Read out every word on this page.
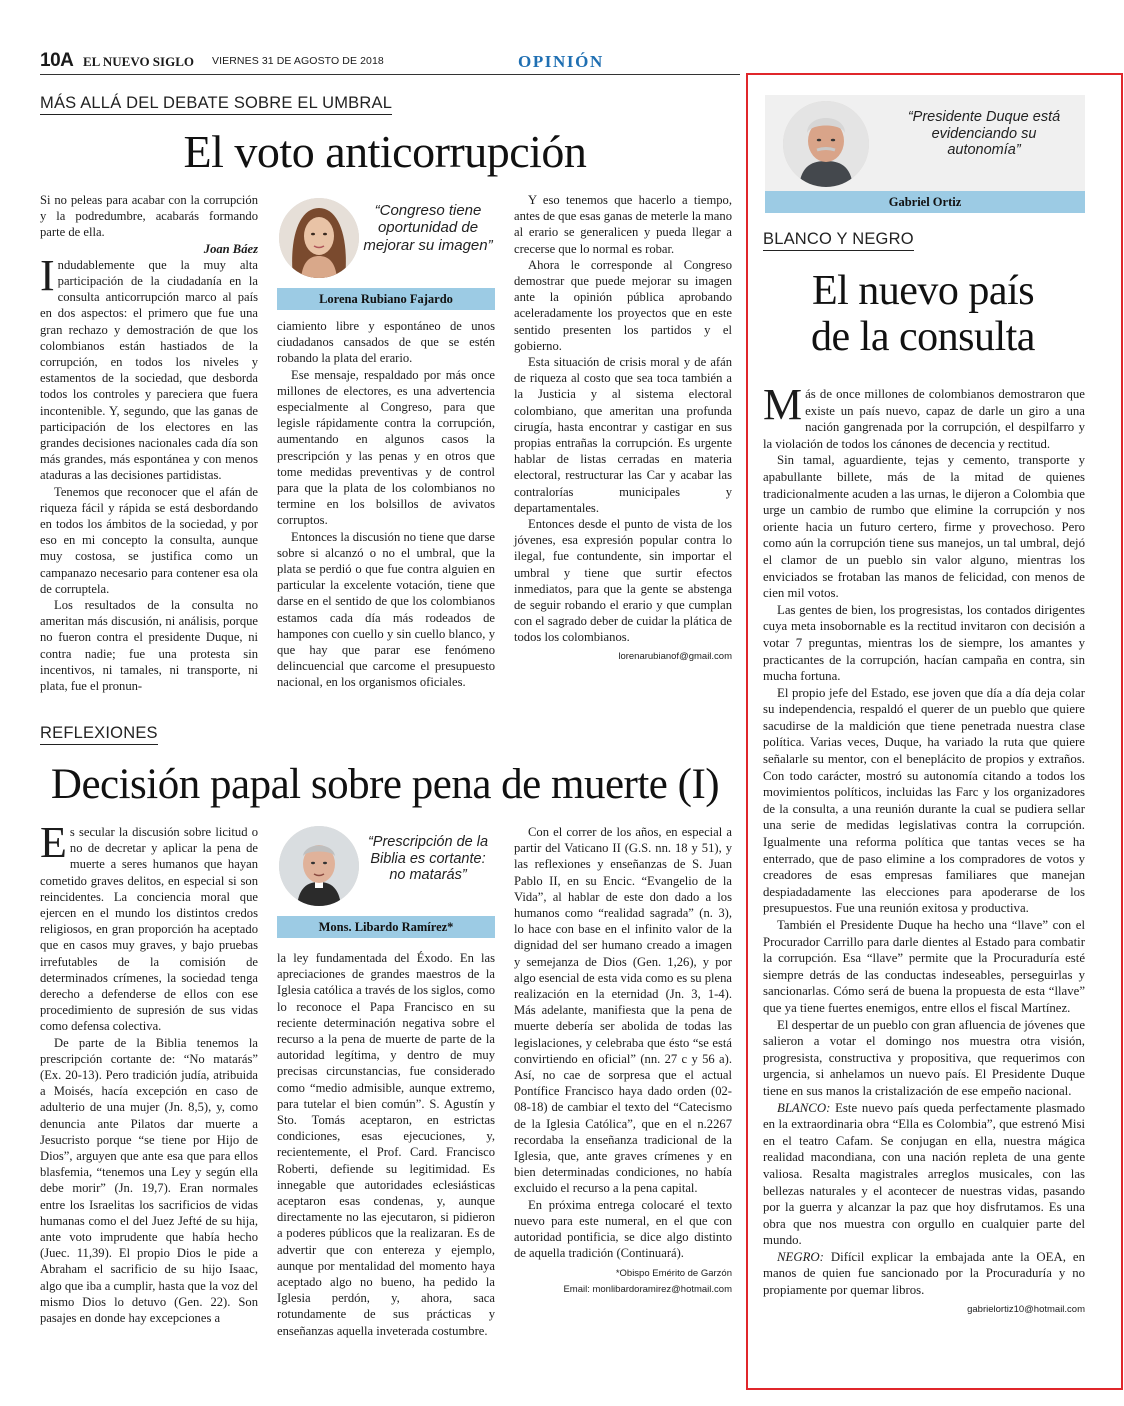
10A EL NUEVO SIGLO VIERNES 31 DE AGOSTO DE 2018	OPINIÓN
MÁS ALLÁ DEL DEBATE SOBRE EL UMBRAL
El voto anticorrupción

Si no peleas para acabar con la corrupción y la podredumbre, acabarás formando parte de ella.

Joan Báez

Indudablemente que la muy alta participación de la ciudadanía en la consulta anticorrupción marco al país en dos aspectos: el primero que fue una gran rechazo y demostración de que los colombianos están hastiados de la corrupción, en todos los niveles y estamentos de la sociedad, que desborda todos los controles y pareciera que fuera incontenible. Y, segundo, que las ganas de participación de los electores en las grandes decisiones nacionales cada día son más grandes, más espontánea y con menos ataduras a las decisiones partidistas.

Tenemos que reconocer que el afán de riqueza fácil y rápida se está desbordando en todos los ámbitos de la sociedad, y por eso en mi concepto la consulta, aunque muy costosa, se justifica como un campanazo necesario para contener esa ola de corruptela.

Los resultados de la consulta no ameritan más discusión, ni análisis, porque no fueron contra el presidente Duque, ni contra nadie; fue una protesta sin incentivos, ni tamales, ni transporte, ni plata, fue el pronun-

“Congreso tiene oportunidad de mejorar su imagen”
Lorena Rubiano Fajardo

ciamiento libre y espontáneo de unos ciudadanos cansados de que se estén robando la plata del erario.

Ese mensaje, respaldado por más once millones de electores, es una advertencia especialmente al Congreso, para que legisle rápidamente contra la corrupción, aumentando en algunos casos la prescripción y las penas y en otros que tome medidas preventivas y de control para que la plata de los colombianos no termine en los bolsillos de avivatos corruptos.

Entonces la discusión no tiene que darse sobre si alcanzó o no el umbral, que la plata se perdió o que fue contra alguien en particular la excelente votación, tiene que darse en el sentido de que los colombianos estamos cada día más rodeados de hampones con cuello y sin cuello blanco, y que hay que parar ese fenómeno delincuencial que carcome el presupuesto nacional, en los organismos oficiales.

Y eso tenemos que hacerlo a tiempo, antes de que esas ganas de meterle la mano al erario se generalicen y pueda llegar a crecerse que lo normal es robar.

Ahora le corresponde al Congreso demostrar que puede mejorar su imagen ante la opinión pública aprobando aceleradamente los proyectos que en este sentido presenten los partidos y el gobierno.

Esta situación de crisis moral y de afán de riqueza al costo que sea toca también a la Justicia y al sistema electoral colombiano, que ameritan una profunda cirugía, hasta encontrar y castigar en sus propias entrañas la corrupción. Es urgente hablar de listas cerradas en materia electoral, restructurar las Car y acabar las contralorías municipales y departamentales.

Entonces desde el punto de vista de los jóvenes, esa expresión popular contra lo ilegal, fue contundente, sin importar el umbral y tiene que surtir efectos inmediatos, para que la gente se abstenga de seguir robando el erario y que cumplan con el sagrado deber de cuidar la plática de todos los colombianos.

lorenarubianof@gmail.com

REFLEXIONES
Decisión papal sobre pena de muerte (I)

Es secular la discusión sobre licitud o no de decretar y aplicar la pena de muerte a seres humanos que hayan cometido graves delitos, en especial si son reincidentes. La conciencia moral que ejercen en el mundo los distintos credos religiosos, en gran proporción ha aceptado que en casos muy graves, y bajo pruebas irrefutables de la comisión de determinados crímenes, la sociedad tenga derecho a defenderse de ellos con ese procedimiento de supresión de sus vidas como defensa colectiva.

De parte de la Biblia tenemos la prescripción cortante de: “No matarás” (Ex. 20-13). Pero tradición judía, atribuida a Moisés, hacía excepción en caso de adulterio de una mujer (Jn. 8,5), y, como denuncia ante Pilatos dar muerte a Jesucristo porque “se tiene por Hijo de Dios”, arguyen que ante esa que para ellos blasfemia, “tenemos una Ley y según ella debe morir” (Jn. 19,7). Eran normales entre los Israelitas los sacrificios de vidas humanas como el del Juez Jefté de su hija, ante voto imprudente que había hecho (Juec. 11,39). El propio Dios le pide a Abraham el sacrificio de su hijo Isaac, algo que iba a cumplir, hasta que la voz del mismo Dios lo detuvo (Gen. 22). Son pasajes en donde hay excepciones a

“Prescripción de la Biblia es cortante: no matarás”
Mons. Libardo Ramírez*

la ley fundamentada del Éxodo. En las apreciaciones de grandes maestros de la Iglesia católica a través de los siglos, como lo reconoce el Papa Francisco en su reciente determinación negativa sobre el recurso a la pena de muerte de parte de la autoridad legítima, y dentro de muy precisas circunstancias, fue considerado como “medio admisible, aunque extremo, para tutelar el bien común”. S. Agustín y Sto. Tomás aceptaron, en estrictas condiciones, esas ejecuciones, y, recientemente, el Prof. Card. Francisco Roberti, defiende su legitimidad. Es innegable que autoridades eclesiásticas aceptaron esas condenas, y, aunque directamente no las ejecutaron, si pidieron a poderes públicos que la realizaran. Es de advertir que con entereza y ejemplo, aunque por mentalidad del momento haya aceptado algo no bueno, ha pedido la Iglesia perdón, y, ahora, saca rotundamente de sus prácticas y enseñanzas aquella inveterada costumbre.

Con el correr de los años, en especial a partir del Vaticano II (G.S. nn. 18 y 51), y las reflexiones y enseñanzas de S. Juan Pablo II, en su Encic. “Evangelio de la Vida”, al hablar de este don dado a los humanos como “realidad sagrada” (n. 3), lo hace con base en el infinito valor de la dignidad del ser humano creado a imagen y semejanza de Dios (Gen. 1,26), y por algo esencial de esta vida como es su plena realización en la eternidad (Jn. 3, 1-4). Más adelante, manifiesta que la pena de muerte debería ser abolida de todas las legislaciones, y celebraba que ésto “se está convirtiendo en oficial” (nn. 27 c y 56 a). Así, no cae de sorpresa que el actual Pontífice Francisco haya dado orden (02-08-18) de cambiar el texto del “Catecismo de la Iglesia Católica”, que en el n.2267 recordaba la enseñanza tradicional de la Iglesia, que, ante graves crímenes y en bien determinadas condiciones, no había excluido el recurso a la pena capital.

En próxima entrega colocaré el texto nuevo para este numeral, en el que con autoridad pontificia, se dice algo distinto de aquella tradición (Continuará).

*Obispo Emérito de Garzón

Email: monlibardoramirez@hotmail.com

“Presidente Duque está evidenciando su autonomía”
Gabriel Ortiz
BLANCO Y NEGRO
El nuevo país
de la consulta

Más de once millones de colombianos demostraron que existe un país nuevo, capaz de darle un giro a una nación gangrenada por la corrupción, el despilfarro y la violación de todos los cánones de decencia y rectitud.

Sin tamal, aguardiente, tejas y cemento, transporte y apabullante billete, más de la mitad de quienes tradicionalmente acuden a las urnas, le dijeron a Colombia que urge un cambio de rumbo que elimine la corrupción y nos oriente hacia un futuro certero, firme y provechoso. Pero como aún la corrupción tiene sus manejos, un tal umbral, dejó el clamor de un pueblo sin valor alguno, mientras los enviciados se frotaban las manos de felicidad, con menos de cien mil votos.

Las gentes de bien, los progresistas, los contados dirigentes cuya meta insobornable es la rectitud invitaron con decisión a votar 7 preguntas, mientras los de siempre, los amantes y practicantes de la corrupción, hacían campaña en contra, sin mucha fortuna.

El propio jefe del Estado, ese joven que día a día deja colar su independencia, respaldó el querer de un pueblo que quiere sacudirse de la maldición que tiene penetrada nuestra clase política. Varias veces, Duque, ha variado la ruta que quiere señalarle su mentor, con el beneplácito de propios y extraños. Con todo carácter, mostró su autonomía citando a todos los movimientos políticos, incluidas las Farc y los organizadores de la consulta, a una reunión durante la cual se pudiera sellar una serie de medidas legislativas contra la corrupción. Igualmente una reforma política que tantas veces se ha enterrado, que de paso elimine a los compradores de votos y creadores de esas empresas familiares que manejan despiadadamente las elecciones para apoderarse de los presupuestos. Fue una reunión exitosa y productiva.

También el Presidente Duque ha hecho una “llave” con el Procurador Carrillo para darle dientes al Estado para combatir la corrupción. Esa “llave” permite que la Procuraduría esté siempre detrás de las conductas indeseables, perseguirlas y sancionarlas. Cómo será de buena la propuesta de esta “llave” que ya tiene fuertes enemigos, entre ellos el fiscal Martínez.

El despertar de un pueblo con gran afluencia de jóvenes que salieron a votar el domingo nos muestra otra visión, progresista, constructiva y propositiva, que requerimos con urgencia, si anhelamos un nuevo país. El Presidente Duque tiene en sus manos la cristalización de ese empeño nacional.

BLANCO: Este nuevo país queda perfectamente plasmado en la extraordinaria obra “Ella es Colombia”, que estrenó Misi en el teatro Cafam. Se conjugan en ella, nuestra mágica realidad macondiana, con una nación repleta de una gente valiosa. Resalta magistrales arreglos musicales, con las bellezas naturales y el acontecer de nuestras vidas, pasando por la guerra y alcanzar la paz que hoy disfrutamos. Es una obra que nos muestra con orgullo en cualquier parte del mundo.

NEGRO: Difícil explicar la embajada ante la OEA, en manos de quien fue sancionado por la Procuraduría y no propiamente por quemar libros.

gabrielortiz10@hotmail.com
